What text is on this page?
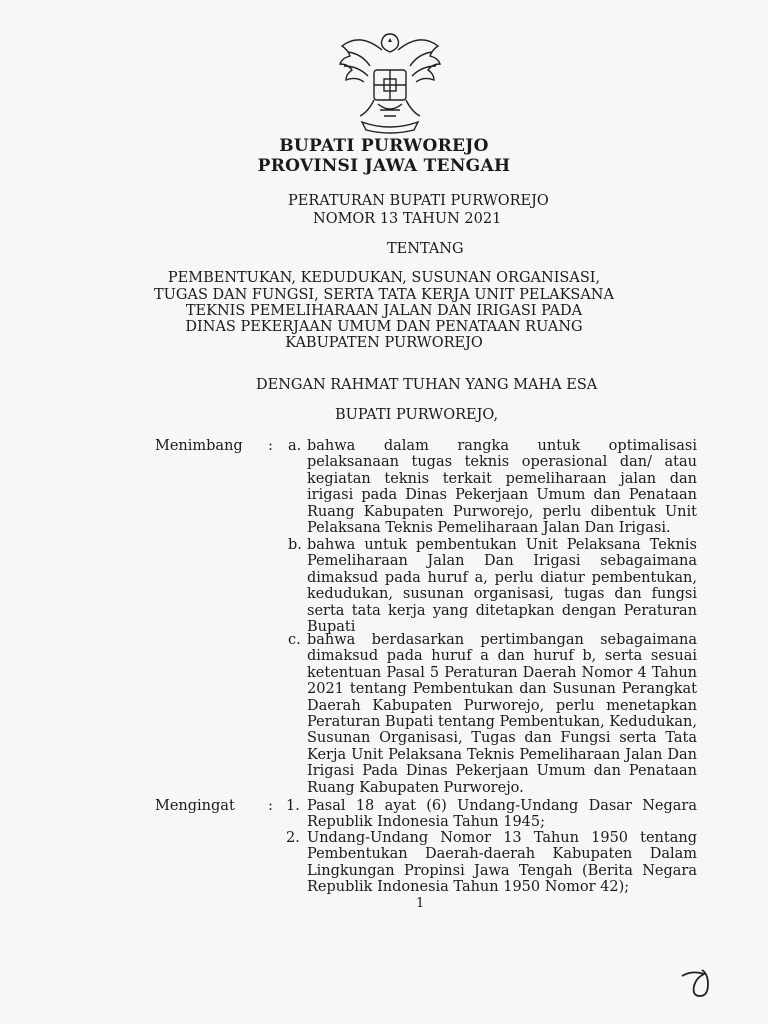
BUPATI PURWOREJO
PROVINSI JAWA TENGAH
PERATURAN BUPATI PURWOREJO
NOMOR 13 TAHUN 2021
TENTANG
PEMBENTUKAN, KEDUDUKAN, SUSUNAN ORGANISASI,
TUGAS DAN FUNGSI, SERTA TATA KERJA UNIT PELAKSANA
TEKNIS PEMELIHARAAN JALAN DAN IRIGASI PADA
DINAS PEKERJAAN UMUM DAN PENATAAN RUANG
KABUPATEN PURWOREJO
DENGAN RAHMAT TUHAN YANG MAHA ESA
BUPATI PURWOREJO,
Menimbang : a. bahwa dalam rangka untuk optimalisasi pelaksanaan tugas teknis operasional dan/ atau kegiatan teknis terkait pemeliharaan jalan dan irigasi pada Dinas Pekerjaan Umum dan Penataan Ruang Kabupaten Purworejo, perlu dibentuk Unit Pelaksana Teknis Pemeliharaan Jalan Dan Irigasi.
b. bahwa untuk pembentukan Unit Pelaksana Teknis Pemeliharaan Jalan Dan Irigasi sebagaimana dimaksud pada huruf a, perlu diatur pembentukan, kedudukan, susunan organisasi, tugas dan fungsi serta tata kerja yang ditetapkan dengan Peraturan Bupati
c. bahwa berdasarkan pertimbangan sebagaimana dimaksud pada huruf a dan huruf b, serta sesuai ketentuan Pasal 5 Peraturan Daerah Nomor 4 Tahun 2021 tentang Pembentukan dan Susunan Perangkat Daerah Kabupaten Purworejo, perlu menetapkan Peraturan Bupati tentang Pembentukan, Kedudukan, Susunan Organisasi, Tugas dan Fungsi serta Tata Kerja Unit Pelaksana Teknis Pemeliharaan Jalan Dan Irigasi Pada Dinas Pekerjaan Umum dan Penataan Ruang Kabupaten Purworejo.
Mengingat : 1. Pasal 18 ayat (6) Undang-Undang Dasar Negara Republik Indonesia Tahun 1945;
2. Undang-Undang Nomor 13 Tahun 1950 tentang Pembentukan Daerah-daerah Kabupaten Dalam Lingkungan Propinsi Jawa Tengah (Berita Negara Republik Indonesia Tahun 1950 Nomor 42);
1
